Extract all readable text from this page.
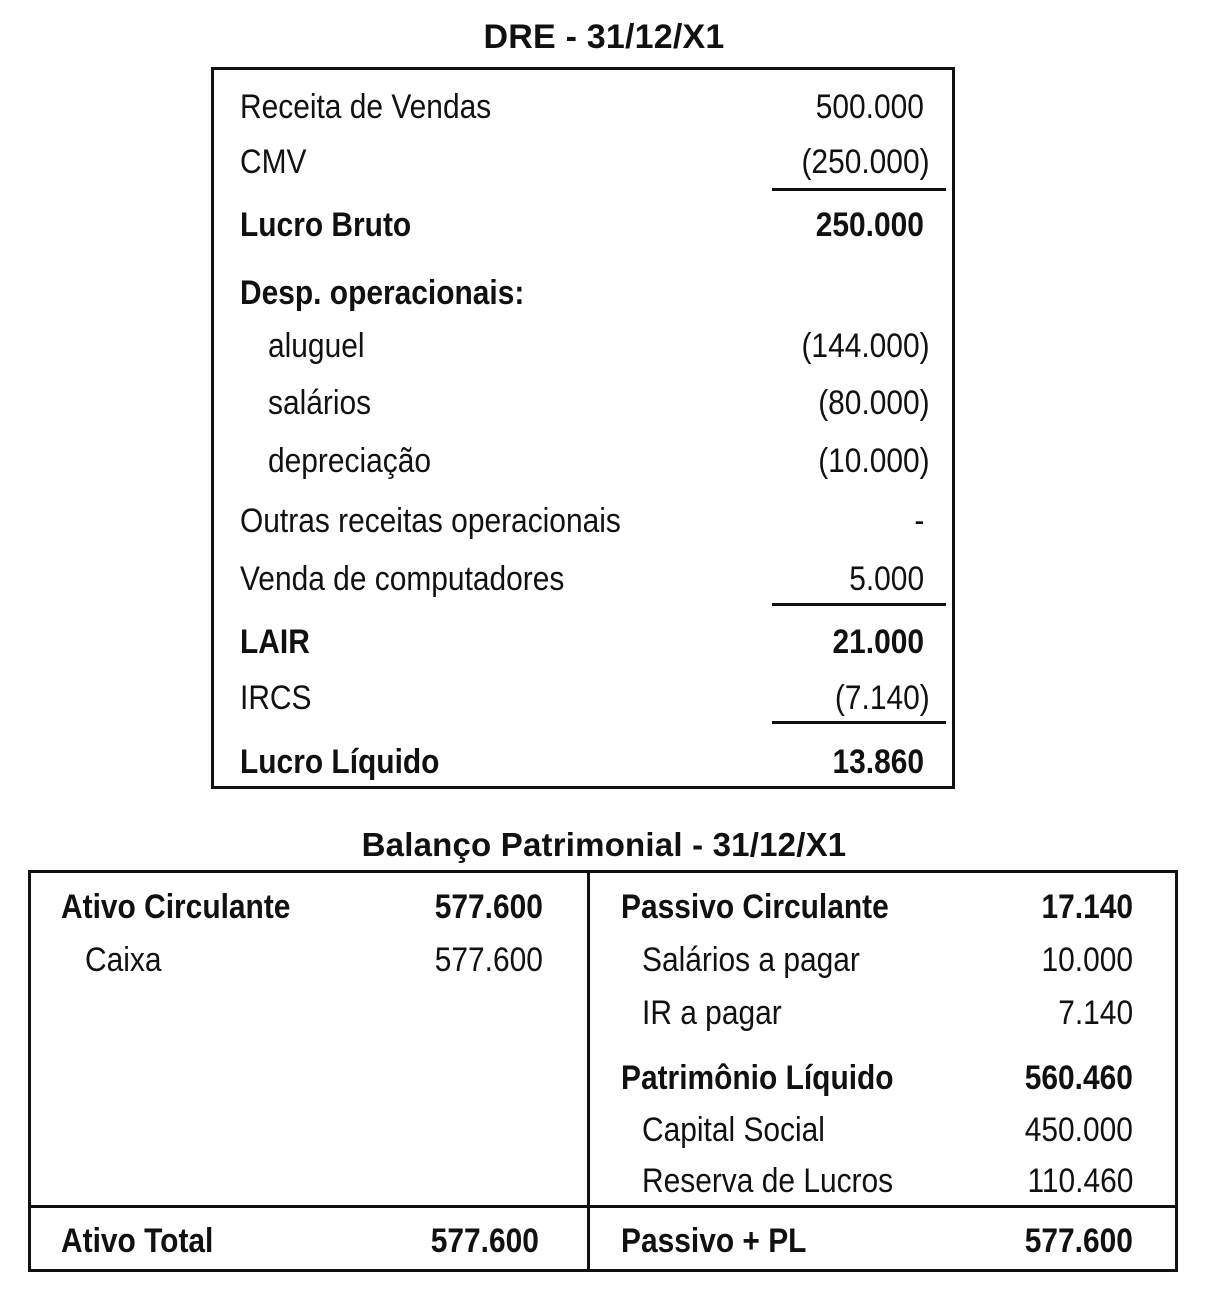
DRE - 31/12/X1
Receita de Vendas	500.000
CMV	(250.000)
Lucro Bruto	250.000
Desp. operacionais:
aluguel	(144.000)
salários	(80.000)
depreciação	(10.000)
Outras receitas operacionais	-
Venda de computadores	5.000
LAIR	21.000
IRCS	(7.140)
Lucro Líquido	13.860
Balanço Patrimonial - 31/12/X1
Ativo Circulante	577.600
Caixa	577.600
Ativo Total	577.600
Passivo Circulante	17.140
Salários a pagar	10.000
IR a pagar	7.140
Patrimônio Líquido	560.460
Capital Social	450.000
Reserva de Lucros	110.460
Passivo + PL	577.600
